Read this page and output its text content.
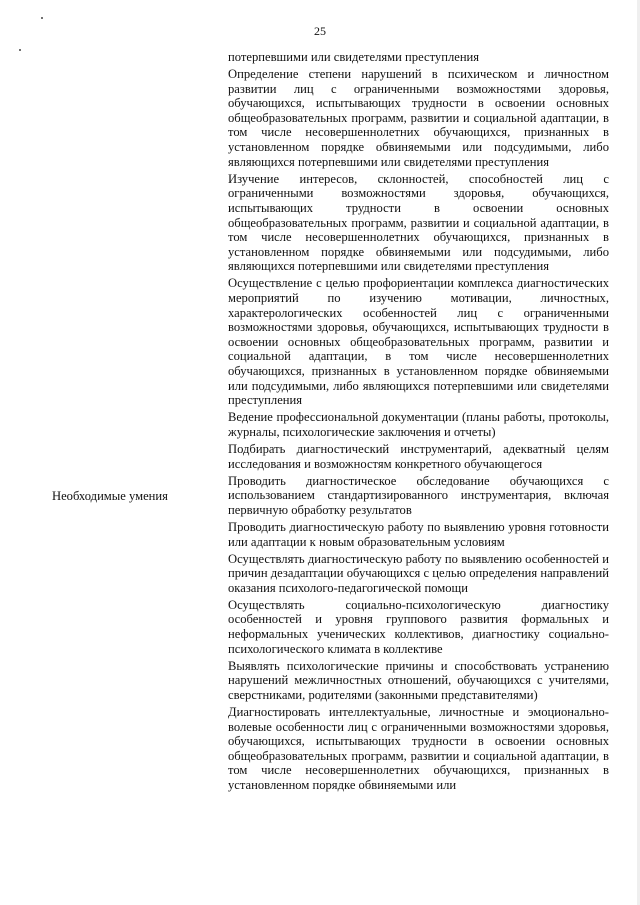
25
Необходимые умения
потерпевшими или свидетелями преступления
Определение степени нарушений в психическом и личностном развитии лиц с ограниченными возможностями здоровья, обучающихся, испытывающих трудности в освоении основных общеобразовательных программ, развитии и социальной адаптации, в том числе несовершеннолетних обучающихся, признанных в установленном порядке обвиняемыми или подсудимыми, либо являющихся потерпевшими или свидетелями преступления
Изучение интересов, склонностей, способностей лиц с ограниченными возможностями здоровья, обучающихся, испытывающих трудности в освоении основных общеобразовательных программ, развитии и социальной адаптации, в том числе несовершеннолетних обучающихся, признанных в установленном порядке обвиняемыми или подсудимыми, либо являющихся потерпевшими или свидетелями преступления
Осуществление с целью профориентации комплекса диагностических мероприятий по изучению мотивации, личностных, характерологических особенностей лиц с ограниченными возможностями здоровья, обучающихся, испытывающих трудности в освоении основных общеобразовательных программ, развитии и социальной адаптации, в том числе несовершеннолетних обучающихся, признанных в установленном порядке обвиняемыми или подсудимыми, либо являющихся потерпевшими или свидетелями преступления
Ведение профессиональной документации (планы работы, протоколы, журналы, психологические заключения и отчеты)
Подбирать диагностический инструментарий, адекватный целям исследования и возможностям конкретного обучающегося
Проводить диагностическое обследование обучающихся с использованием стандартизированного инструментария, включая первичную обработку результатов
Проводить диагностическую работу по выявлению уровня готовности или адаптации к новым образовательным условиям
Осуществлять диагностическую работу по выявлению особенностей и причин дезадаптации обучающихся с целью определения направлений оказания психолого-педагогической помощи
Осуществлять социально-психологическую диагностику особенностей и уровня группового развития формальных и неформальных ученических коллективов, диагностику социально-психологического климата в коллективе
Выявлять психологические причины и способствовать устранению нарушений межличностных отношений, обучающихся с учителями, сверстниками, родителями (законными представителями)
Диагностировать интеллектуальные, личностные и эмоционально-волевые особенности лиц с ограниченными возможностями здоровья, обучающихся, испытывающих трудности в освоении основных общеобразовательных программ, развитии и социальной адаптации, в том числе несовершеннолетних обучающихся, признанных в установленном порядке обвиняемыми или
